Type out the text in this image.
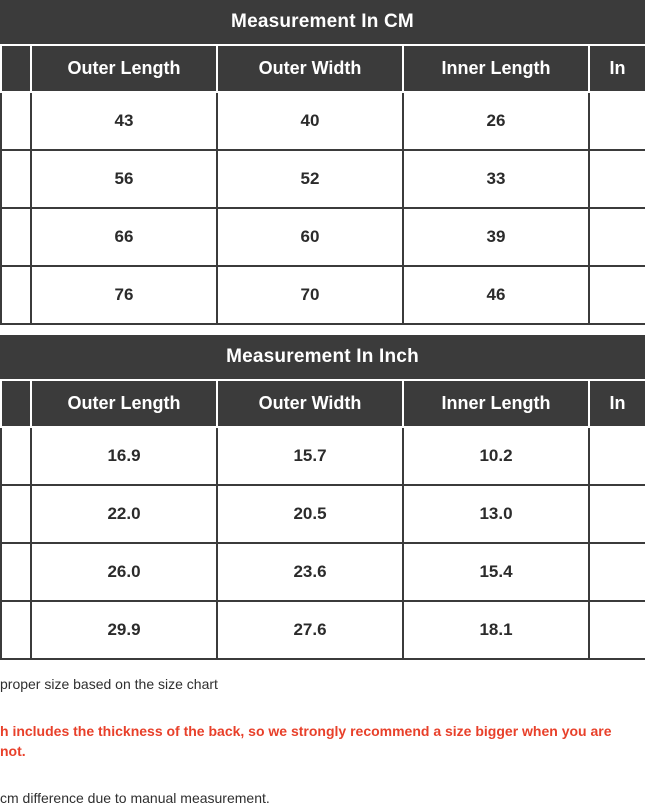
Measurement In CM
	Outer Length	Outer Width	Inner Length	In
	43	40	26	
	56	52	33	
	66	60	39	
	76	70	46	
Measurement In Inch
	Outer Length	Outer Width	Inner Length	In
	16.9	15.7	10.2	
	22.0	20.5	13.0	
	26.0	23.6	15.4	
	29.9	27.6	18.1	

proper size based on the size chart

h includes the thickness of the back, so we strongly recommend a size bigger when you are
not.

cm difference due to manual measurement.
